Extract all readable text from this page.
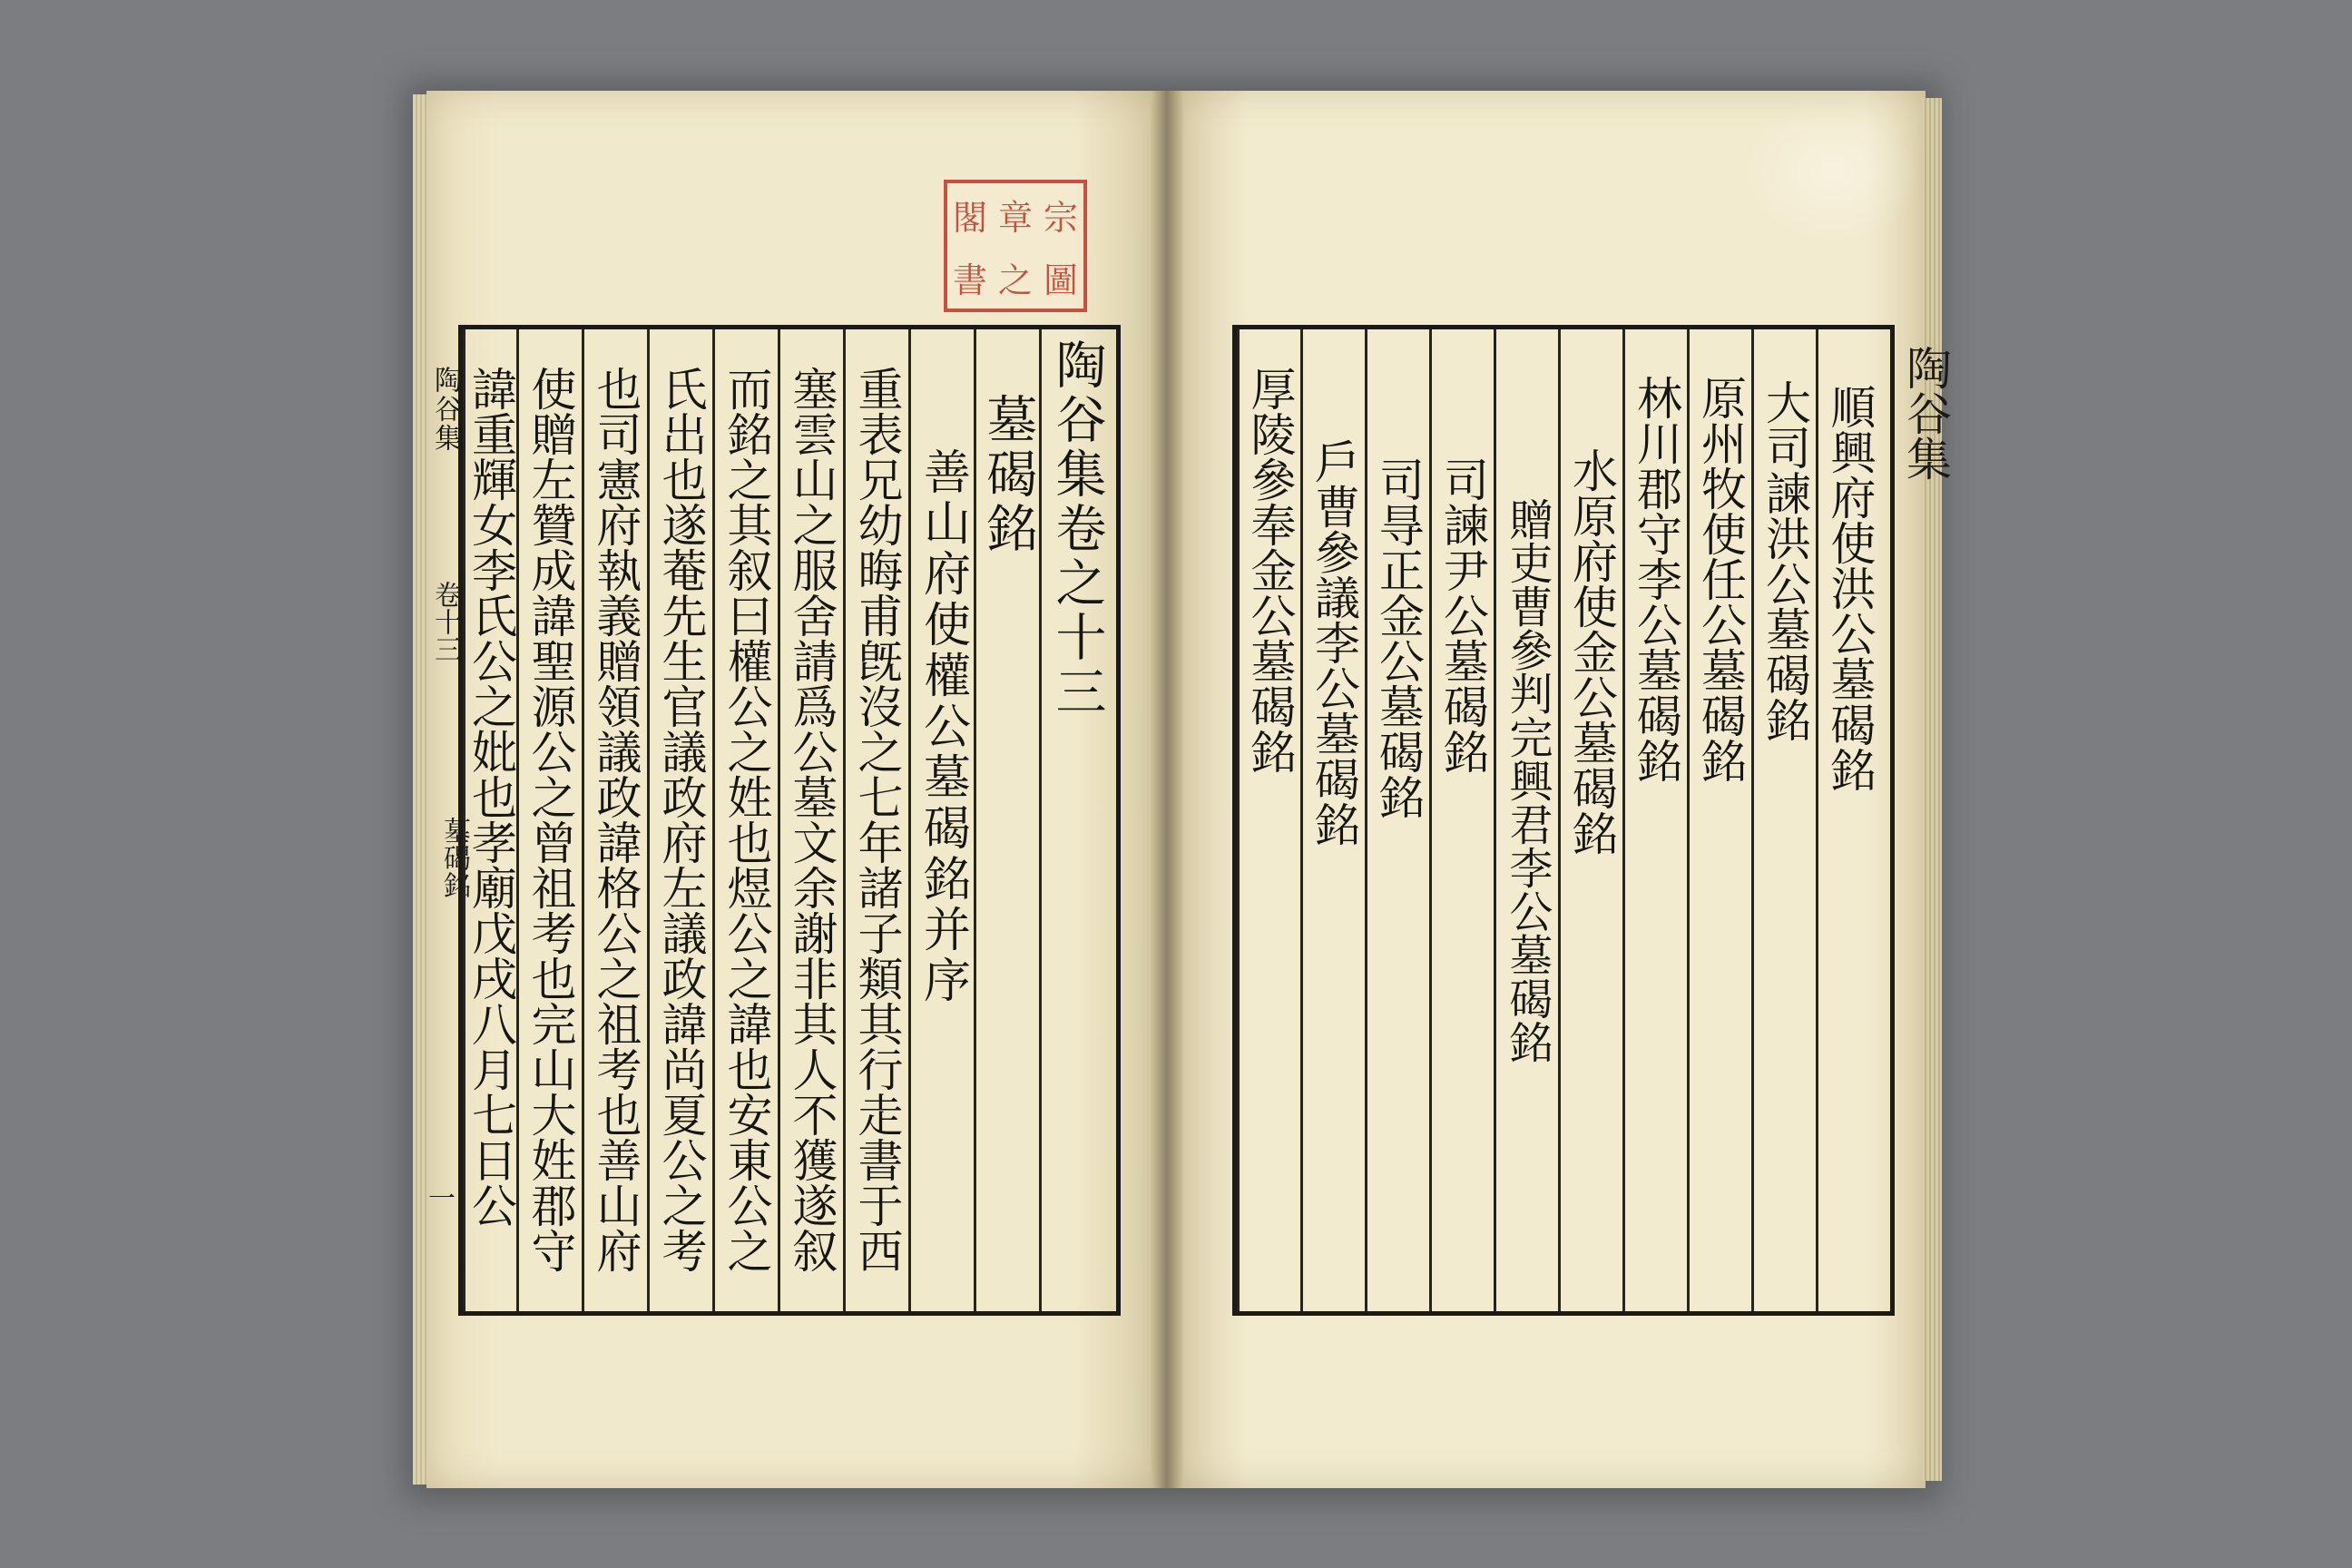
閣 章 宗
書 之 圖
陶谷集
卷十三
墓碣銘
一
陶谷集卷之十三
墓碣銘
善山府使權公墓碣銘并序
重表兄幼晦甫旣沒之七年諸子類其行走書于西
塞雲山之服舍請爲公墓文余謝非其人不獲遂叙
而銘之其叙曰權公之姓也煜公之諱也安東公之
氏出也遂菴先生官議政府左議政諱尚夏公之考
也司憲府執義贈領議政諱格公之祖考也善山府
使贈左贊成諱聖源公之曾祖考也完山大姓郡守
諱重輝女李氏公之妣也孝廟戊戌八月七日公	陶谷集
順興府使洪公墓碣銘
大司諫洪公墓碣銘
原州牧使任公墓碣銘
林川郡守李公墓碣銘
水原府使金公墓碣銘
贈吏曹參判完興君李公墓碣銘
司諫尹公墓碣銘
司㝵正金公墓碣銘
戶曹參議李公墓碣銘
厚陵參奉金公墓碣銘
